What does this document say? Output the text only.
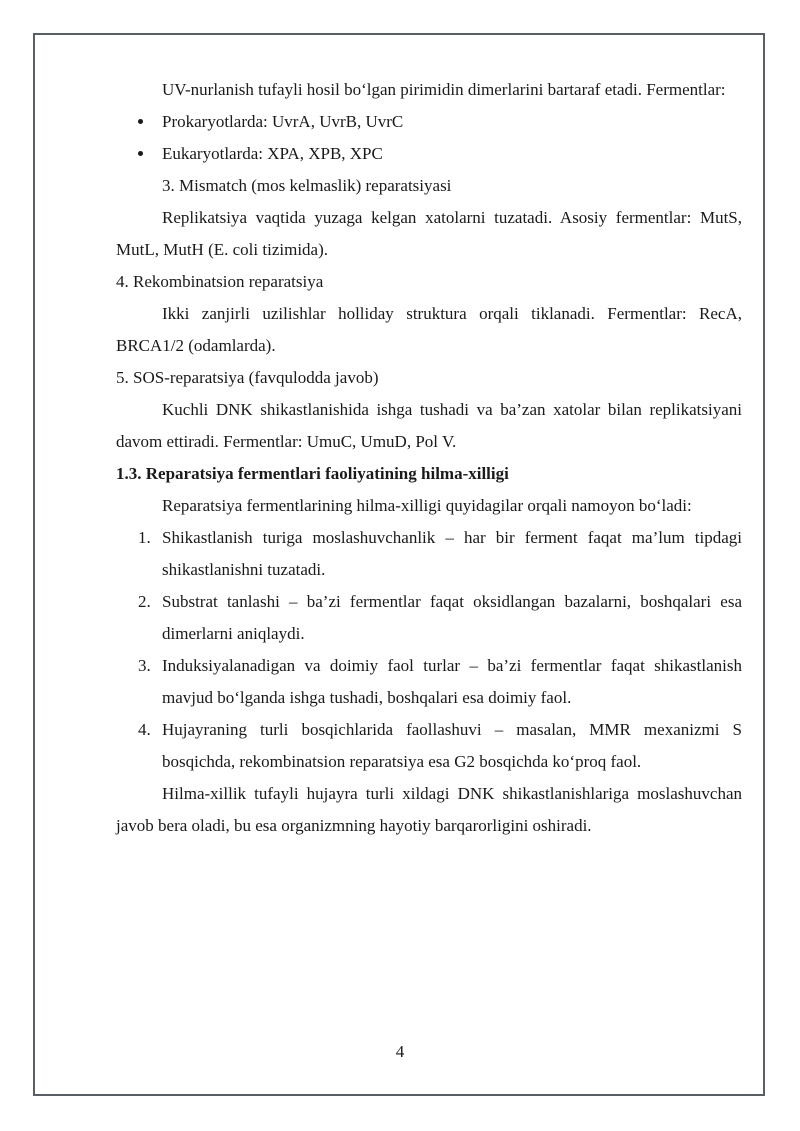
UV-nurlanish tufayli hosil bo‘lgan pirimidin dimerlarini bartaraf etadi. Fermentlar:

Prokaryotlarda: UvrA, UvrB, UvrC
Eukaryotlarda: XPA, XPB, XPC

3. Mismatch (mos kelmaslik) reparatsiyasi

Replikatsiya vaqtida yuzaga kelgan xatolarni tuzatadi. Asosiy fermentlar: MutS, MutL, MutH (E. coli tizimida).

4. Rekombinatsion reparatsiya

Ikki zanjirli uzilishlar holliday struktura orqali tiklanadi. Fermentlar: RecA, BRCA1/2 (odamlarda).

5. SOS-reparatsiya (favqulodda javob)

Kuchli DNK shikastlanishida ishga tushadi va ba’zan xatolar bilan replikatsiyani davom ettiradi. Fermentlar: UmuC, UmuD, Pol V.

1.3. Reparatsiya fermentlari faoliyatining hilma-xilligi

Reparatsiya fermentlarining hilma-xilligi quyidagilar orqali namoyon bo‘ladi:

1. Shikastlanish turiga moslashuvchanlik – har bir ferment faqat ma’lum tipdagi shikastlanishni tuzatadi.
2. Substrat tanlashi – ba’zi fermentlar faqat oksidlangan bazalarni, boshqalari esa dimerlarni aniqlaydi.
3. Induksiyalanadigan va doimiy faol turlar – ba’zi fermentlar faqat shikastlanish mavjud bo‘lganda ishga tushadi, boshqalari esa doimiy faol.
4. Hujayraning turli bosqichlarida faollashuvi – masalan, MMR mexanizmi S bosqichda, rekombinatsion reparatsiya esa G2 bosqichda ko‘proq faol.

Hilma-xillik tufayli hujayra turli xildagi DNK shikastlanishlariga moslashuvchan javob bera oladi, bu esa organizmning hayotiy barqarorligini oshiradi.

4
